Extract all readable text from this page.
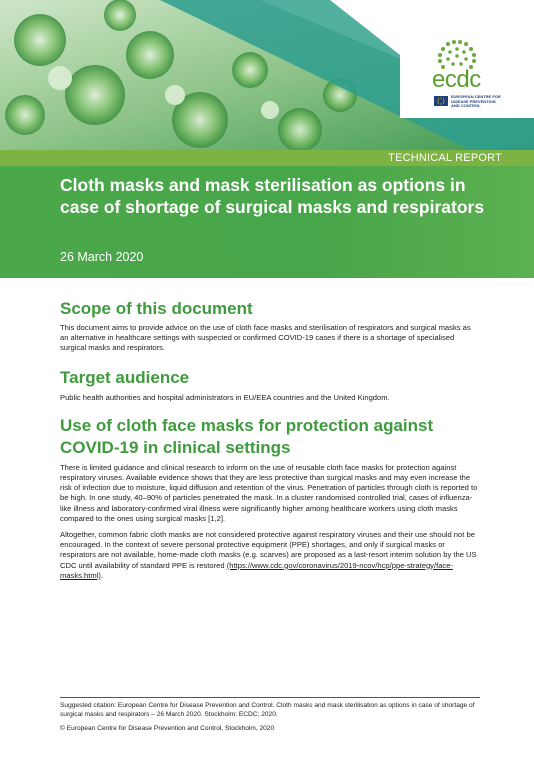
ecdc
EUROPEAN CENTRE FOR
DISEASE PREVENTION
AND CONTROL
TECHNICAL REPORT
Cloth masks and mask sterilisation as options in case of shortage of surgical masks and respirators
26 March 2020
Scope of this document

This document aims to provide advice on the use of cloth face masks and sterilisation of respirators and surgical masks as an alternative in healthcare settings with suspected or confirmed COVID-19 cases if there is a shortage of specialised surgical masks and respirators.

Target audience

Public health authorities and hospital administrators in EU/EEA countries and the United Kingdom.

Use of cloth face masks for protection against COVID-19 in clinical settings

There is limited guidance and clinical research to inform on the use of reusable cloth face masks for protection against respiratory viruses. Available evidence shows that they are less protective than surgical masks and may even increase the risk of infection due to moisture, liquid diffusion and retention of the virus. Penetration of particles through cloth is reported to be high. In one study, 40–90% of particles penetrated the mask. In a cluster randomised controlled trial, cases of influenza-like illness and laboratory-confirmed viral illness were significantly higher among healthcare workers using cloth masks compared to the ones using surgical masks [1,2].

Altogether, common fabric cloth masks are not considered protective against respiratory viruses and their use should not be encouraged. In the context of severe personal protective equipment (PPE) shortages, and only if surgical masks or respirators are not available, home-made cloth masks (e.g. scarves) are proposed as a last-resort interim solution by the US CDC until availability of standard PPE is restored (https://www.cdc.gov/coronavirus/2019-ncov/hcp/ppe-strategy/face-masks.html).

Suggested citation: European Centre for Disease Prevention and Control. Cloth masks and mask sterilisation as options in case of shortage of surgical masks and respirators – 26 March 2020. Stockholm: ECDC; 2020.

© European Centre for Disease Prevention and Control, Stockholm, 2020
